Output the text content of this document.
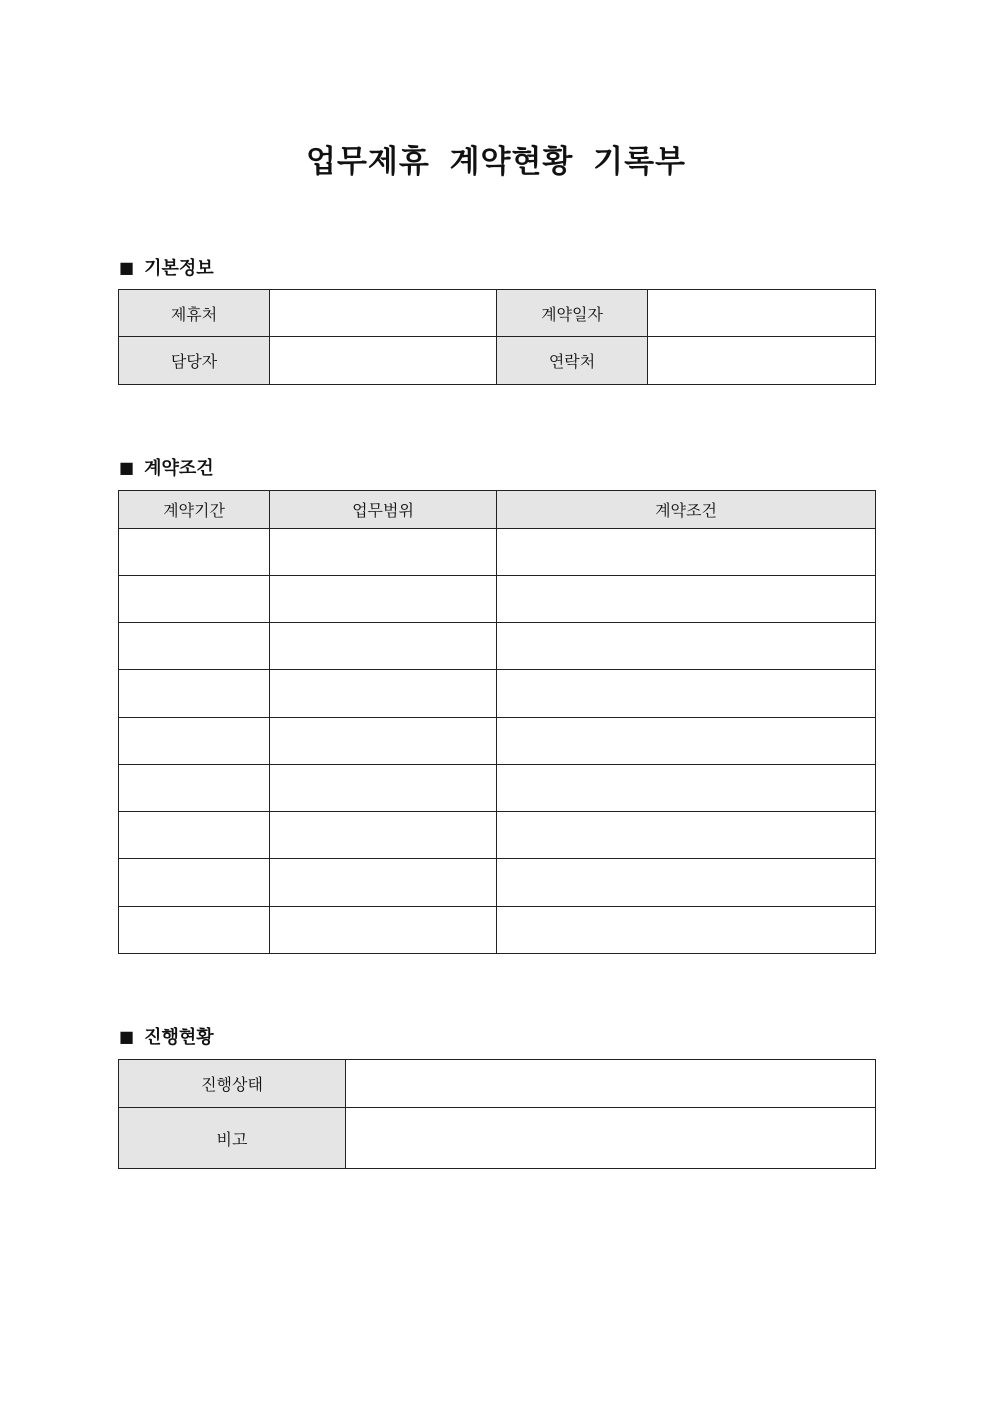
업무제휴 계약현황 기록부
■ 기본정보
제휴처		계약일자	
담당자		연락처	
■ 계약조건
계약기간	업무범위	계약조건

■ 진행현황
진행상태	
비고	
